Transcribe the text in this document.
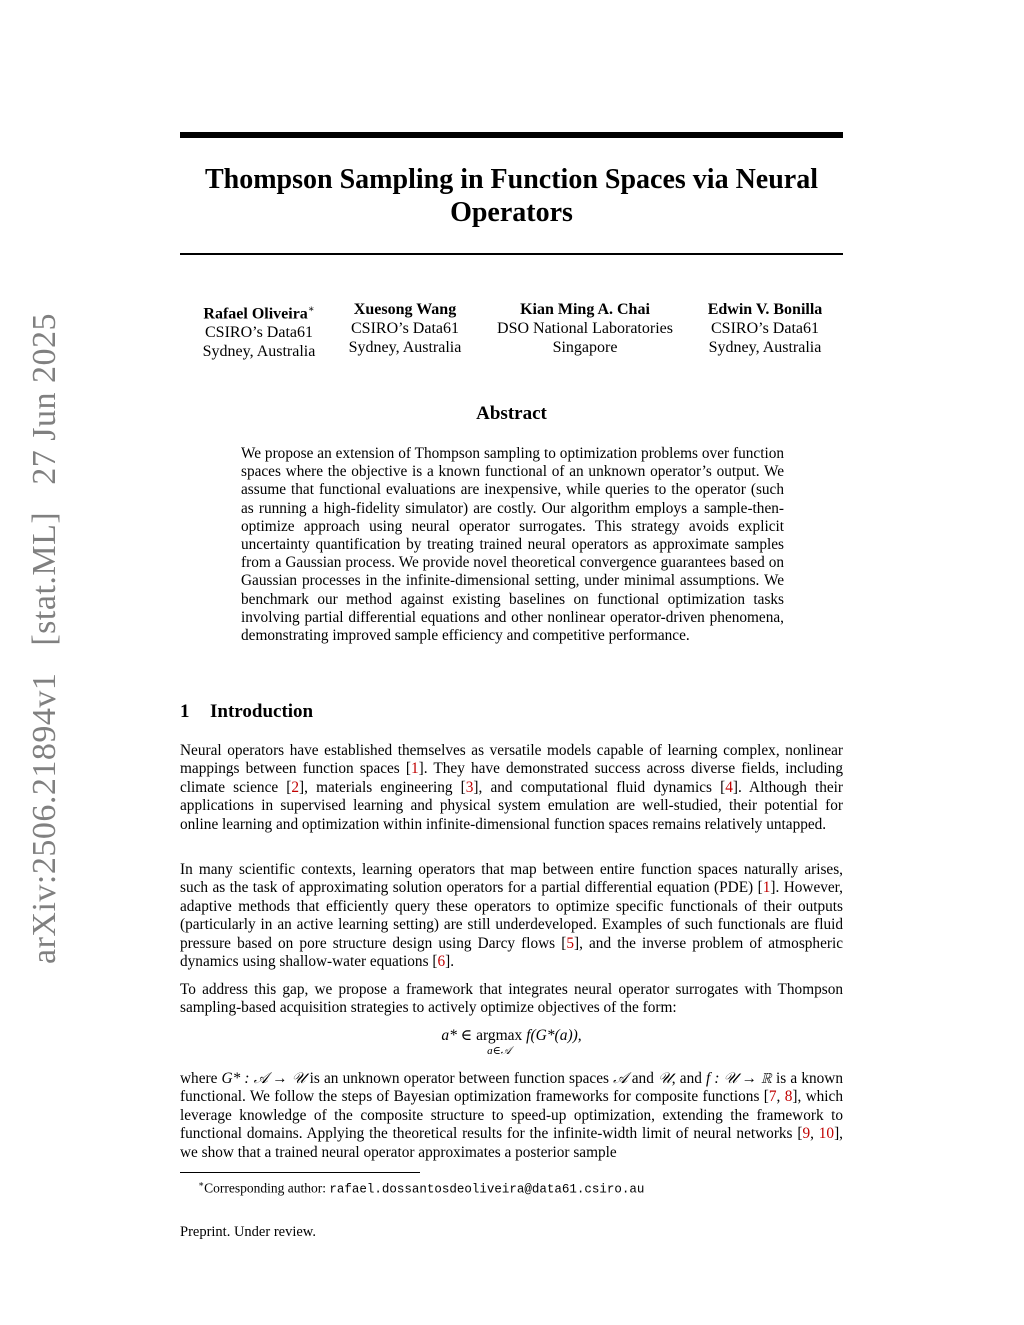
arXiv:2506.21894v1   [stat.ML]   27 Jun 2025
Thompson Sampling in Function Spaces via Neural
Operators
Rafael Oliveira∗
CSIRO’s Data61
Sydney, Australia
Xuesong Wang
CSIRO’s Data61
Sydney, Australia
Kian Ming A. Chai
DSO National Laboratories
Singapore
Edwin V. Bonilla
CSIRO’s Data61
Sydney, Australia
Abstract

We propose an extension of Thompson sampling to optimization problems over function spaces where the objective is a known functional of an unknown operator’s output. We assume that functional evaluations are inexpensive, while queries to the operator (such as running a high-fidelity simulator) are costly. Our algorithm employs a sample-then-optimize approach using neural operator surrogates. This strategy avoids explicit uncertainty quantification by treating trained neural operators as approximate samples from a Gaussian process. We provide novel theoretical convergence guarantees based on Gaussian processes in the infinite-dimensional setting, under minimal assumptions. We benchmark our method against existing baselines on functional optimization tasks involving partial differential equations and other nonlinear operator-driven phenomena, demonstrating improved sample efficiency and competitive performance.

1 Introduction

Neural operators have established themselves as versatile models capable of learning complex, nonlinear mappings between function spaces [1]. They have demonstrated success across diverse fields, including climate science [2], materials engineering [3], and computational fluid dynamics [4]. Although their applications in supervised learning and physical system emulation are well-studied, their potential for online learning and optimization within infinite-dimensional function spaces remains relatively untapped.

In many scientific contexts, learning operators that map between entire function spaces naturally arises, such as the task of approximating solution operators for a partial differential equation (PDE) [1]. However, adaptive methods that efficiently query these operators to optimize specific functionals of their outputs (particularly in an active learning setting) are still underdeveloped. Examples of such functionals are fluid pressure based on pore structure design using Darcy flows [5], and the inverse problem of atmospheric dynamics using shallow-water equations [6].

To address this gap, we propose a framework that integrates neural operator surrogates with Thompson sampling-based acquisition strategies to actively optimize objectives of the form:

a* ∈ argmax
a∈𝒜
f(G*(a)),

where G* : 𝒜 → 𝒰 is an unknown operator between function spaces 𝒜 and 𝒰, and f : 𝒰 → ℝ is a known functional. We follow the steps of Bayesian optimization frameworks for composite functions [7, 8], which leverage knowledge of the composite structure to speed-up optimization, extending the framework to functional domains. Applying the theoretical results for the infinite-width limit of neural networks [9, 10], we show that a trained neural operator approximates a posterior sample

∗Corresponding author: rafael.dossantosdeoliveira@data61.csiro.au

Preprint. Under review.
